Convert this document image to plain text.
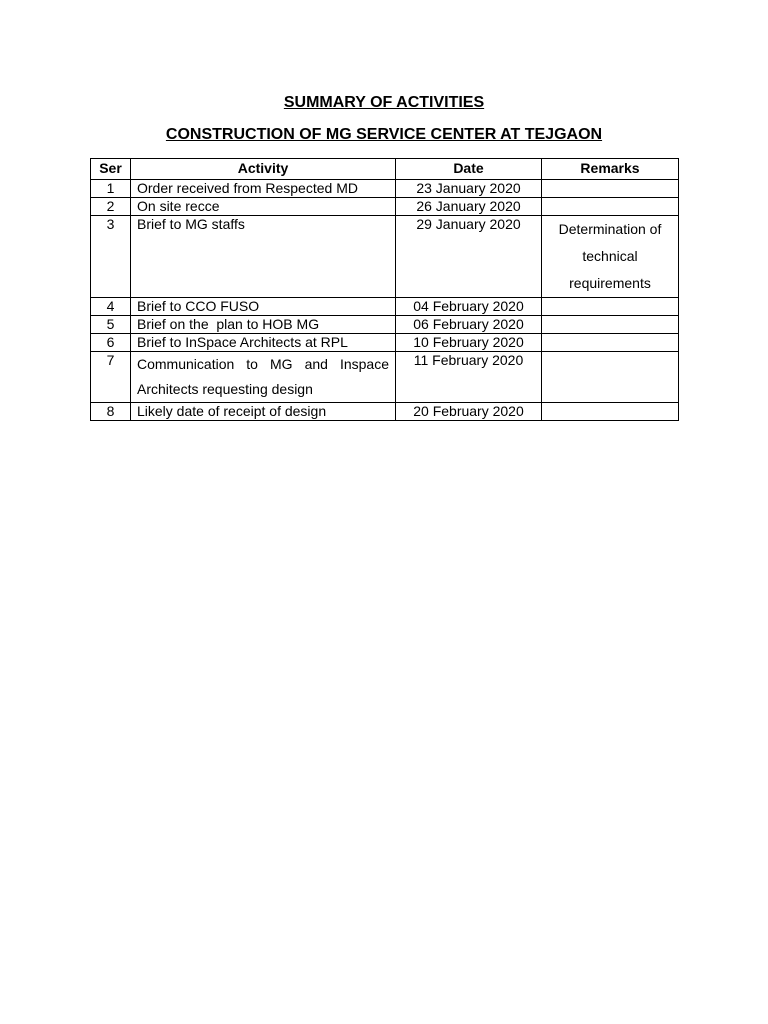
SUMMARY OF ACTIVITIES
CONSTRUCTION OF MG SERVICE CENTER AT TEJGAON
Ser	Activity	Date	Remarks
1	Order received from Respected MD	23 January 2020	
2	On site recce	26 January 2020	
3	Brief to MG staffs	29 January 2020	Determination of technical requirements
4	Brief to CCO FUSO	04 February 2020	
5	Brief on the  plan to HOB MG	06 February 2020	
6	Brief to InSpace Architects at RPL	10 February 2020	
7	Communication to MG and Inspace Architects requesting design	11 February 2020	
8	Likely date of receipt of design	20 February 2020	
